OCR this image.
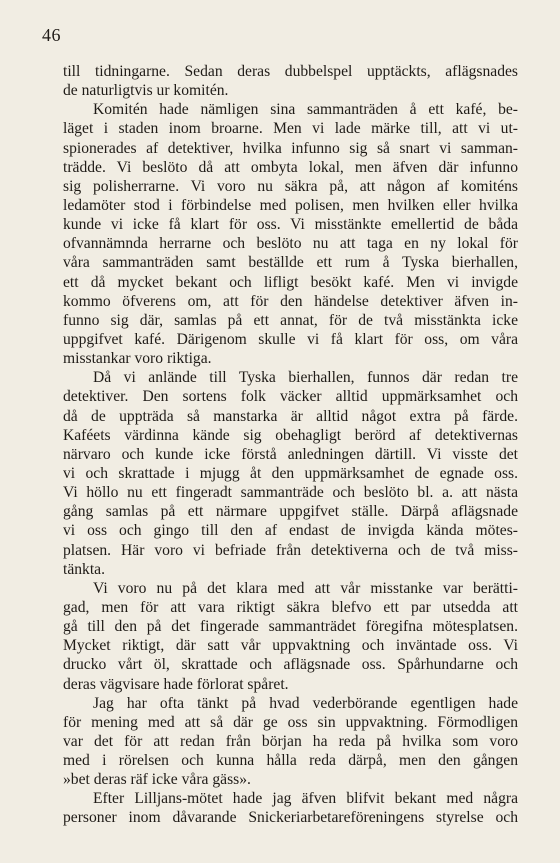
46
till tidningarne. Sedan deras dubbelspel upptäckts, aflägsnades
de naturligtvis ur komitén.
Komitén hade nämligen sina sammanträden å ett kafé, be-
läget i staden inom broarne. Men vi lade märke till, att vi ut-
spionerades af detektiver, hvilka infunno sig så snart vi samman-
trädde. Vi beslöto då att ombyta lokal, men äfven där infunno
sig polisherrarne. Vi voro nu säkra på, att någon af komiténs
ledamöter stod i förbindelse med polisen, men hvilken eller hvilka
kunde vi icke få klart för oss. Vi misstänkte emellertid de båda
ofvannämnda herrarne och beslöto nu att taga en ny lokal för
våra sammanträden samt beställde ett rum å Tyska bierhallen,
ett då mycket bekant och lifligt besökt kafé. Men vi invigde
kommo öfverens om, att för den händelse detektiver äfven in-
funno sig där, samlas på ett annat, för de två misstänkta icke
uppgifvet kafé. Därigenom skulle vi få klart för oss, om våra
misstankar voro riktiga.
Då vi anlände till Tyska bierhallen, funnos där redan tre
detektiver. Den sortens folk väcker alltid uppmärksamhet och
då de uppträda så manstarka är alltid något extra på färde.
Kaféets värdinna kände sig obehagligt berörd af detektivernas
närvaro och kunde icke förstå anledningen därtill. Vi visste det
vi och skrattade i mjugg åt den uppmärksamhet de egnade oss.
Vi höllo nu ett fingeradt sammanträde och beslöto bl. a. att nästa
gång samlas på ett närmare uppgifvet ställe. Därpå aflägsnade
vi oss och gingo till den af endast de invigda kända mötes-
platsen. Här voro vi befriade från detektiverna och de två miss-
tänkta.
Vi voro nu på det klara med att vår misstanke var berätti-
gad, men för att vara riktigt säkra blefvo ett par utsedda att
gå till den på det fingerade sammanträdet föregifna mötesplatsen.
Mycket riktigt, där satt vår uppvaktning och inväntade oss. Vi
drucko vårt öl, skrattade och aflägsnade oss. Spårhundarne och
deras vägvisare hade förlorat spåret.
Jag har ofta tänkt på hvad vederbörande egentligen hade
för mening med att så där ge oss sin uppvaktning. Förmodligen
var det för att redan från början ha reda på hvilka som voro
med i rörelsen och kunna hålla reda därpå, men den gången
»bet deras räf icke våra gäss».
Efter Lilljans-mötet hade jag äfven blifvit bekant med några
personer inom dåvarande Snickeriarbetareföreningens styrelse och
